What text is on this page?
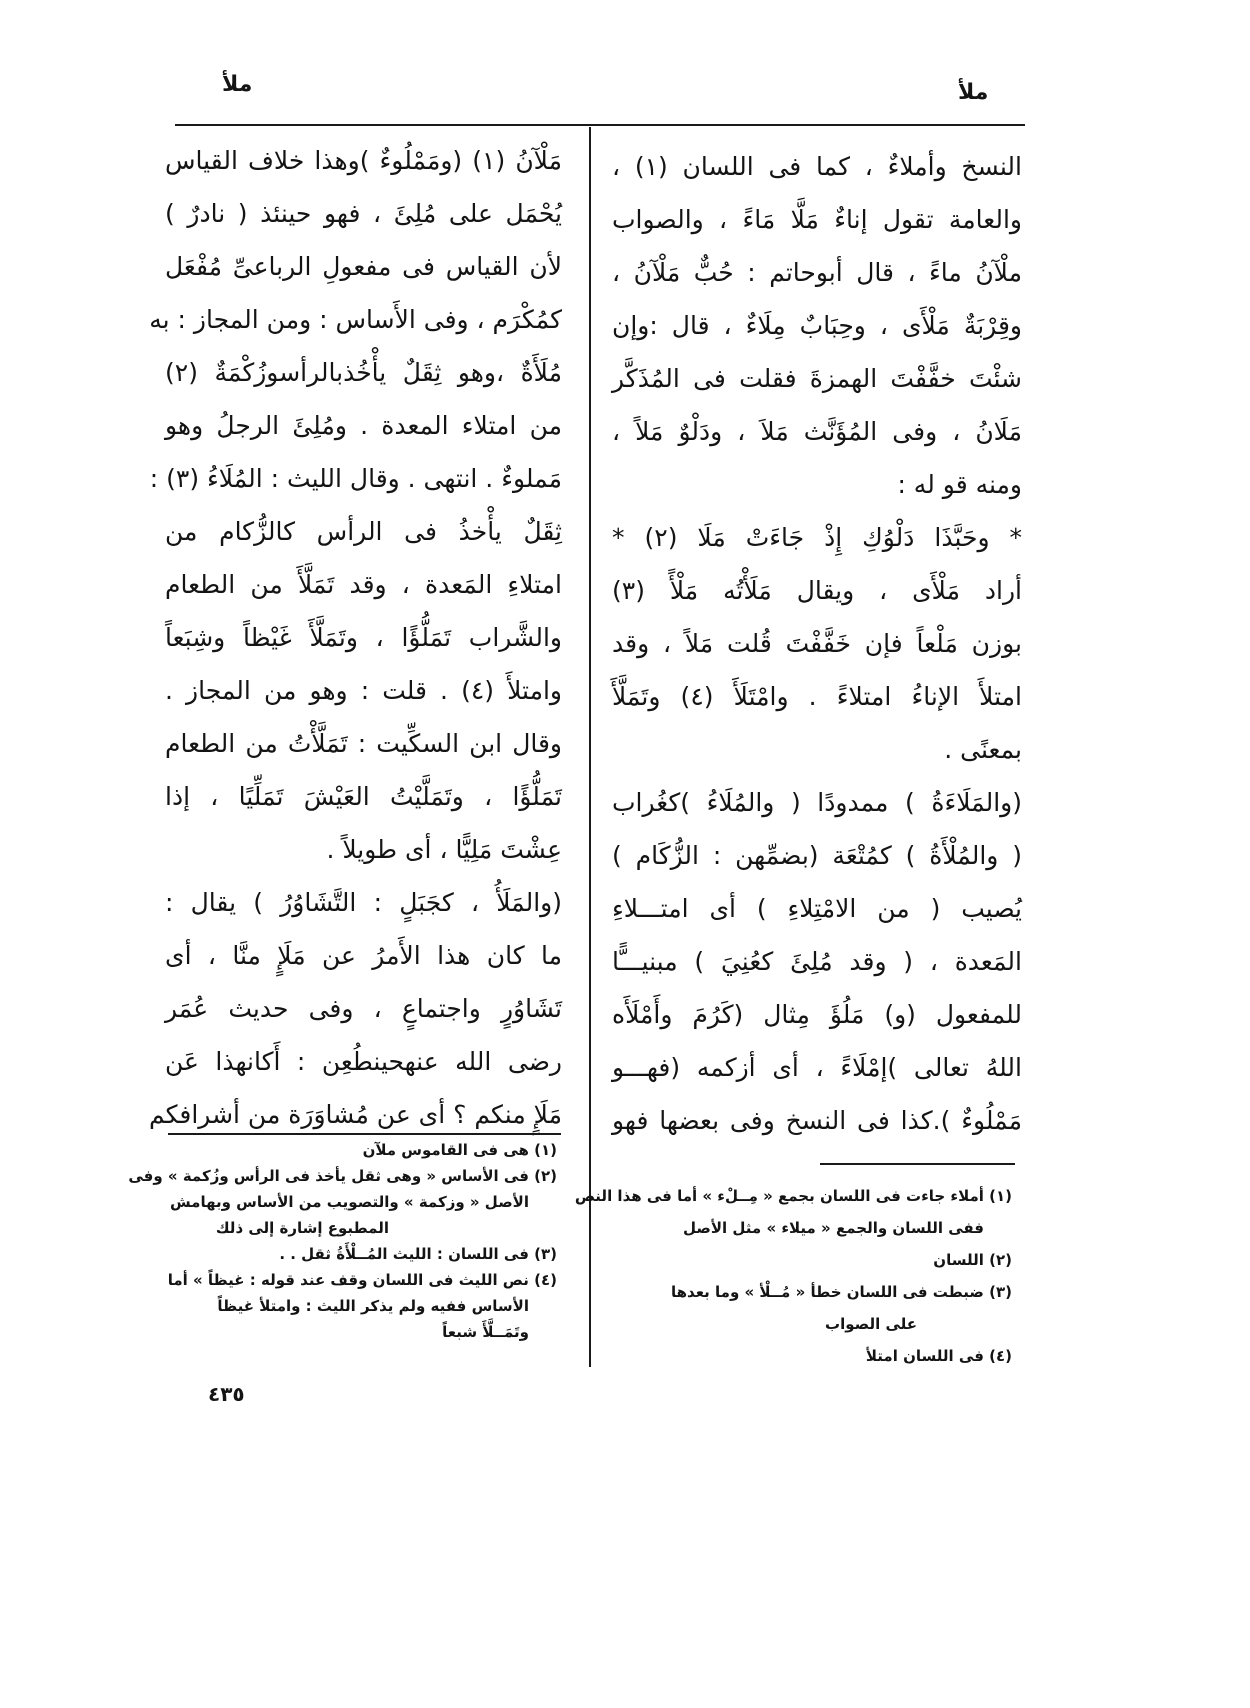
ملأ	ملأ
النسخ وأملاءٌ ، كما فى اللسان (١) ،
والعامة تقول إناءٌ مَلَّا مَاءً ، والصواب
ملْآنُ ماءً ، قال أبوحاتم : حُبٌّ مَلْآنُ ،
وقِرْبَةٌ مَلْأَى ، وحِبَابٌ مِلَاءٌ ، قال :وإن
شئْتَ خفَّفْتَ الهمزةَ فقلت فى المُذَكَّر
مَلَانُ ، وفى المُؤَنَّث مَلاَ ، ودَلْوٌ مَلاً ،
ومنه قو له :
* وحَبَّذَا دَلْوُكِ إِذْ جَاءَتْ مَلَا (٢) *
أراد مَلْأَى ، ويقال مَلَأْتُه مَلْأً (٣)
بوزن مَلْعاً فإن خَفَّفْتَ قُلت مَلاً ، وقد
امتلأَ الإناءُ امتلاءً . وامْتَلَأَ (٤) وتَمَلَّأَ
بمعنًى .
(والمَلَاءَةُ ) ممدودًا ( والمُلَاءُ )كغُراب
( والمُلْأَةُ ) كمُتْعَة (بضمِّهن : الزُّكَام )
يُصيب ( من الامْتِلاءِ ) أى امتـــلاءِ
المَعدة ، ( وقد مُلِئَ كعُنِيَ ) مبنيـــًّا
للمفعول (و) مَلُؤَ مِثال (كَرُمَ وأَمْلَأَه
اللهُ تعالى )إمْلَاءً ، أى أزكمه (فهـــو
مَمْلُوءٌ ).كذا فى النسخ وفى بعضها فهو
(١) أملاء جاءت فى اللسان بجمع « مِــلْء » أما فى هذا النص
ففى اللسان والجمع « ميلاء » مثل الأصل
(٢) اللسان
(٣) ضبطت فى اللسان خطأ « مُــلْأ » وما بعدها
على الصواب
(٤) فى اللسان امتلأ
مَلْآنُ (١) (ومَمْلُوءٌ )وهذا خلاف القياس
يُحْمَل على مُلِئَ ، فهو حينئذ ( نادرٌ )
لأن القياس فى مفعولِ الرباعىِّ مُفْعَل
كمُكْرَم ، وفى الأَساس : ومن المجاز : به
مُلَأَةٌ ،وهو ثِقَلٌ يأْخُذبالرأسوزُكْمَةٌ (٢)
من امتلاء المعدة . ومُلِئَ الرجلُ وهو
مَملوءٌ . انتهى . وقال الليث : المُلَاءُ (٣) :
ثِقَلٌ يأْخذُ فى الرأس كالزُّكام من
امتلاءِ المَعدة ، وقد تَمَلَّأَ من الطعام
والشَّراب تَمَلُّؤًا ، وتَمَلَّأَ غَيْظاً وشِبَعاً
وامتلأَ (٤) . قلت : وهو من المجاز .
وقال ابن السكِّيت : تَمَلَّأْتُ من الطعام
تَمَلُّؤًا ، وتَمَلَّيْتُ العَيْشَ تَمَلِّيًا ، إذا
عِشْتَ مَلِيًّا ، أى طويلاً .
(والمَلَأُ ، كجَبَلٍ : التَّشَاوُرُ ) يقال :
ما كان هذا الأَمرُ عن مَلَإٍ منَّا ، أى
تَشَاوُرٍ واجتماعٍ ، وفى حديث عُمَر
رضى الله عنهحينطُعِن : أَكانهذا عَن
مَلَإٍ منكم ؟ أى عن مُشاوَرَة من أشرافكم
(١) هى فى القاموس ملآن
(٢) فى الأساس « وهى ثقل يأخذ فى الرأس وزُكمة » وفى
الأصل « وزكمة » والتصويب من الأساس وبهامش
المطبوع إشارة إلى ذلك
(٣) فى اللسان : الليث المُــلْأَةُ ثقل . .
(٤) نص الليث فى اللسان وقف عند قوله : غيظاً » أما
الأساس ففيه ولم يذكر الليث : وامتلأ غيظاً
وتَمَــلَّأَ شبعاً
٤٣٥
